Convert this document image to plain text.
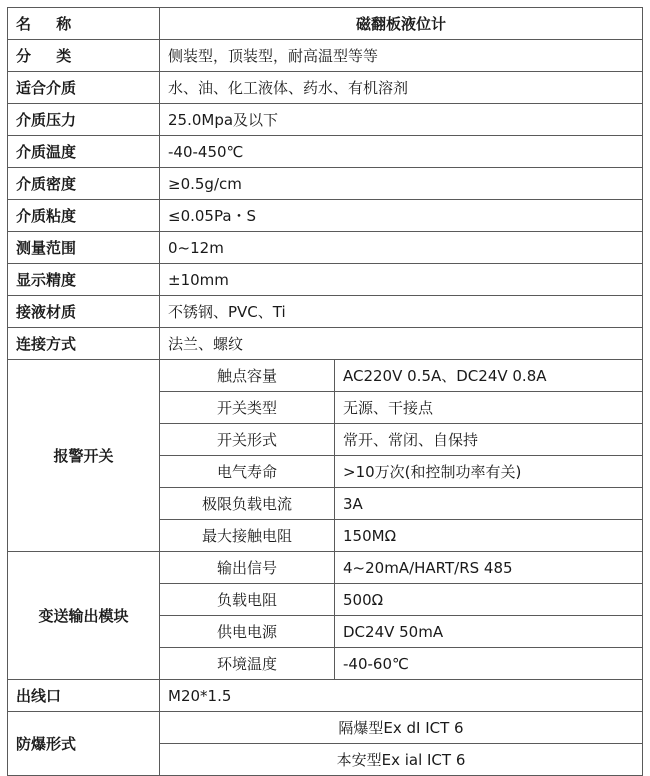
名 称	磁翻板液位计	
分 类	侧装型，顶装型，耐高温型等等	
适合介质	水、油、化工液体、药水、有机溶剂	
介质压力	25.0Mpa及以下	
介质温度	-40-450℃	
介质密度	≥0.5g/cm	
介质粘度	≤0.05Pa・S	
测量范围	0~12m	
显示精度	±10mm	
接液材质	不锈钢、PVC、Ti	
连接方式	法兰、螺纹	
报警开关	触点容量	AC220V 0.5A、DC24V 0.8A
	开关类型	无源、干接点
	开关形式	常开、常闭、自保持
	电气寿命	>10万次(和控制功率有关)
	极限负载电流	3A
	最大接触电阻	150MΩ
变送输出模块	输出信号	4~20mA/HART/RS 485
	负载电阻	500Ω
	供电电源	DC24V 50mA
	环境温度	-40-60℃
出线口	M20*1.5	
防爆形式	隔爆型Ex dI ICT 6	
	本安型Ex ial ICT 6	
